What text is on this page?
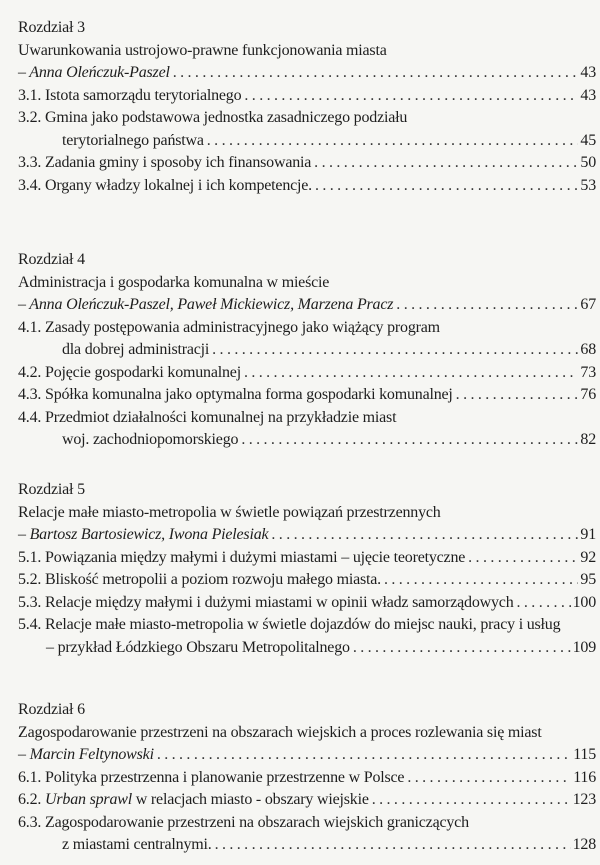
Rozdział 3
Uwarunkowania ustrojowo-prawne funkcjonowania miasta
– Anna Oleńczuk-Paszel . . .	43
3.1. Istota samorządu terytorialnego . . .	43
3.2. Gmina jako podstawowa jednostka zasadniczego podziału
terytorialnego państwa . . .	45
3.3. Zadania gminy i sposoby ich finansowania . . .	50
3.4. Organy władzy lokalnej i ich kompetencje. . . .	53
Rozdział 4
Administracja i gospodarka komunalna w mieście
– Anna Oleńczuk-Paszel, Paweł Mickiewicz, Marzena Pracz . . .	67
4.1. Zasady postępowania administracyjnego jako wiążący program
dla dobrej administracji . . .	68
4.2. Pojęcie gospodarki komunalnej . . .	73
4.3. Spółka komunalna jako optymalna forma gospodarki komunalnej . . .	76
4.4. Przedmiot działalności komunalnej na przykładzie miast
woj. zachodniopomorskiego . . .	82
Rozdział 5
Relacje małe miasto-metropolia w świetle powiązań przestrzennych
– Bartosz Bartosiewicz, Iwona Pielesiak . . .	91
5.1. Powiązania między małymi i dużymi miastami – ujęcie teoretyczne . . .	92
5.2. Bliskość metropolii a poziom rozwoju małego miasta. . . .	95
5.3. Relacje między małymi i dużymi miastami w opinii władz samorządowych . . .	100
5.4. Relacje małe miasto-metropolia w świetle dojazdów do miejsc nauki, pracy i usług
– przykład Łódzkiego Obszaru Metropolitalnego . . .	109
Rozdział 6
Zagospodarowanie przestrzeni na obszarach wiejskich a proces rozlewania się miast
– Marcin Feltynowski . . .	115
6.1. Polityka przestrzenna i planowanie przestrzenne w Polsce . . .	116
6.2. Urban sprawl w relacjach miasto - obszary wiejskie . . .	123
6.3. Zagospodarowanie przestrzeni na obszarach wiejskich graniczących
z miastami centralnymi. . . .	128
